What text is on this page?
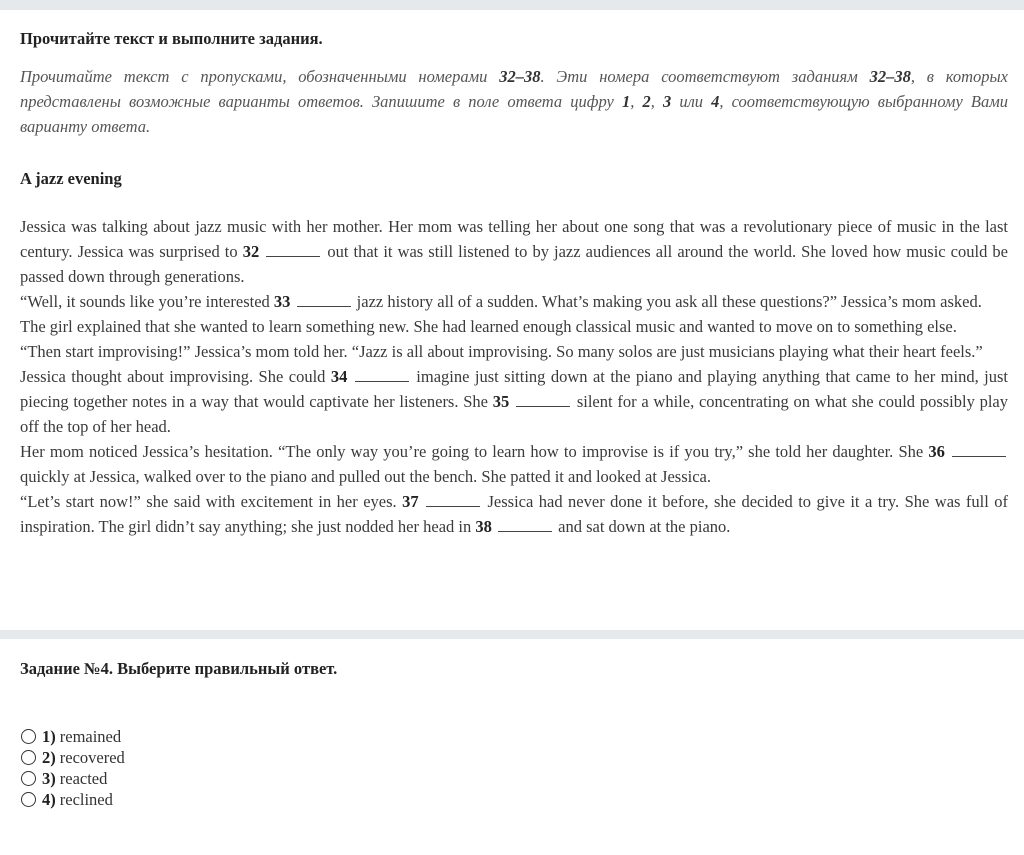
Прочитайте текст и выполните задания.
Прочитайте текст с пропусками, обозначенными номерами 32–38. Эти номера соответствуют заданиям 32–38, в которых представлены возможные варианты ответов. Запишите в поле ответа цифру 1, 2, 3 или 4, соответствующую выбранному Вами варианту ответа.
A jazz evening

Jessica was talking about jazz music with her mother. Her mom was telling her about one song that was a revolutionary piece of music in the last century. Jessica was surprised to 32	out that it was still listened to by jazz audiences all around the world. She loved how music could be passed down through generations.

“Well, it sounds like you’re interested 33	jazz history all of a sudden. What’s making you ask all these questions?” Jessica’s mom asked.

The girl explained that she wanted to learn something new. She had learned enough classical music and wanted to move on to something else.

“Then start improvising!” Jessica’s mom told her. “Jazz is all about improvising. So many solos are just musicians playing what their heart feels.”

Jessica thought about improvising. She could 34	imagine just sitting down at the piano and playing anything that came to her mind, just piecing together notes in a way that would captivate her listeners. She 35	silent for a while, concentrating on what she could possibly play off the top of her head.

Her mom noticed Jessica’s hesitation. “The only way you’re going to learn how to improvise is if you try,” she told her daughter. She 36  quickly at Jessica, walked over to the piano and pulled out the bench. She patted it and looked at Jessica.

“Let’s start now!” she said with excitement in her eyes. 37	Jessica had never done it before, she decided to give it a try. She was full of inspiration. The girl didn’t say anything; she just nodded her head in 38	and sat down at the piano.

Задание №4. Выберите правильный ответ.
1) remained
2) recovered
3) reacted
4) reclined
